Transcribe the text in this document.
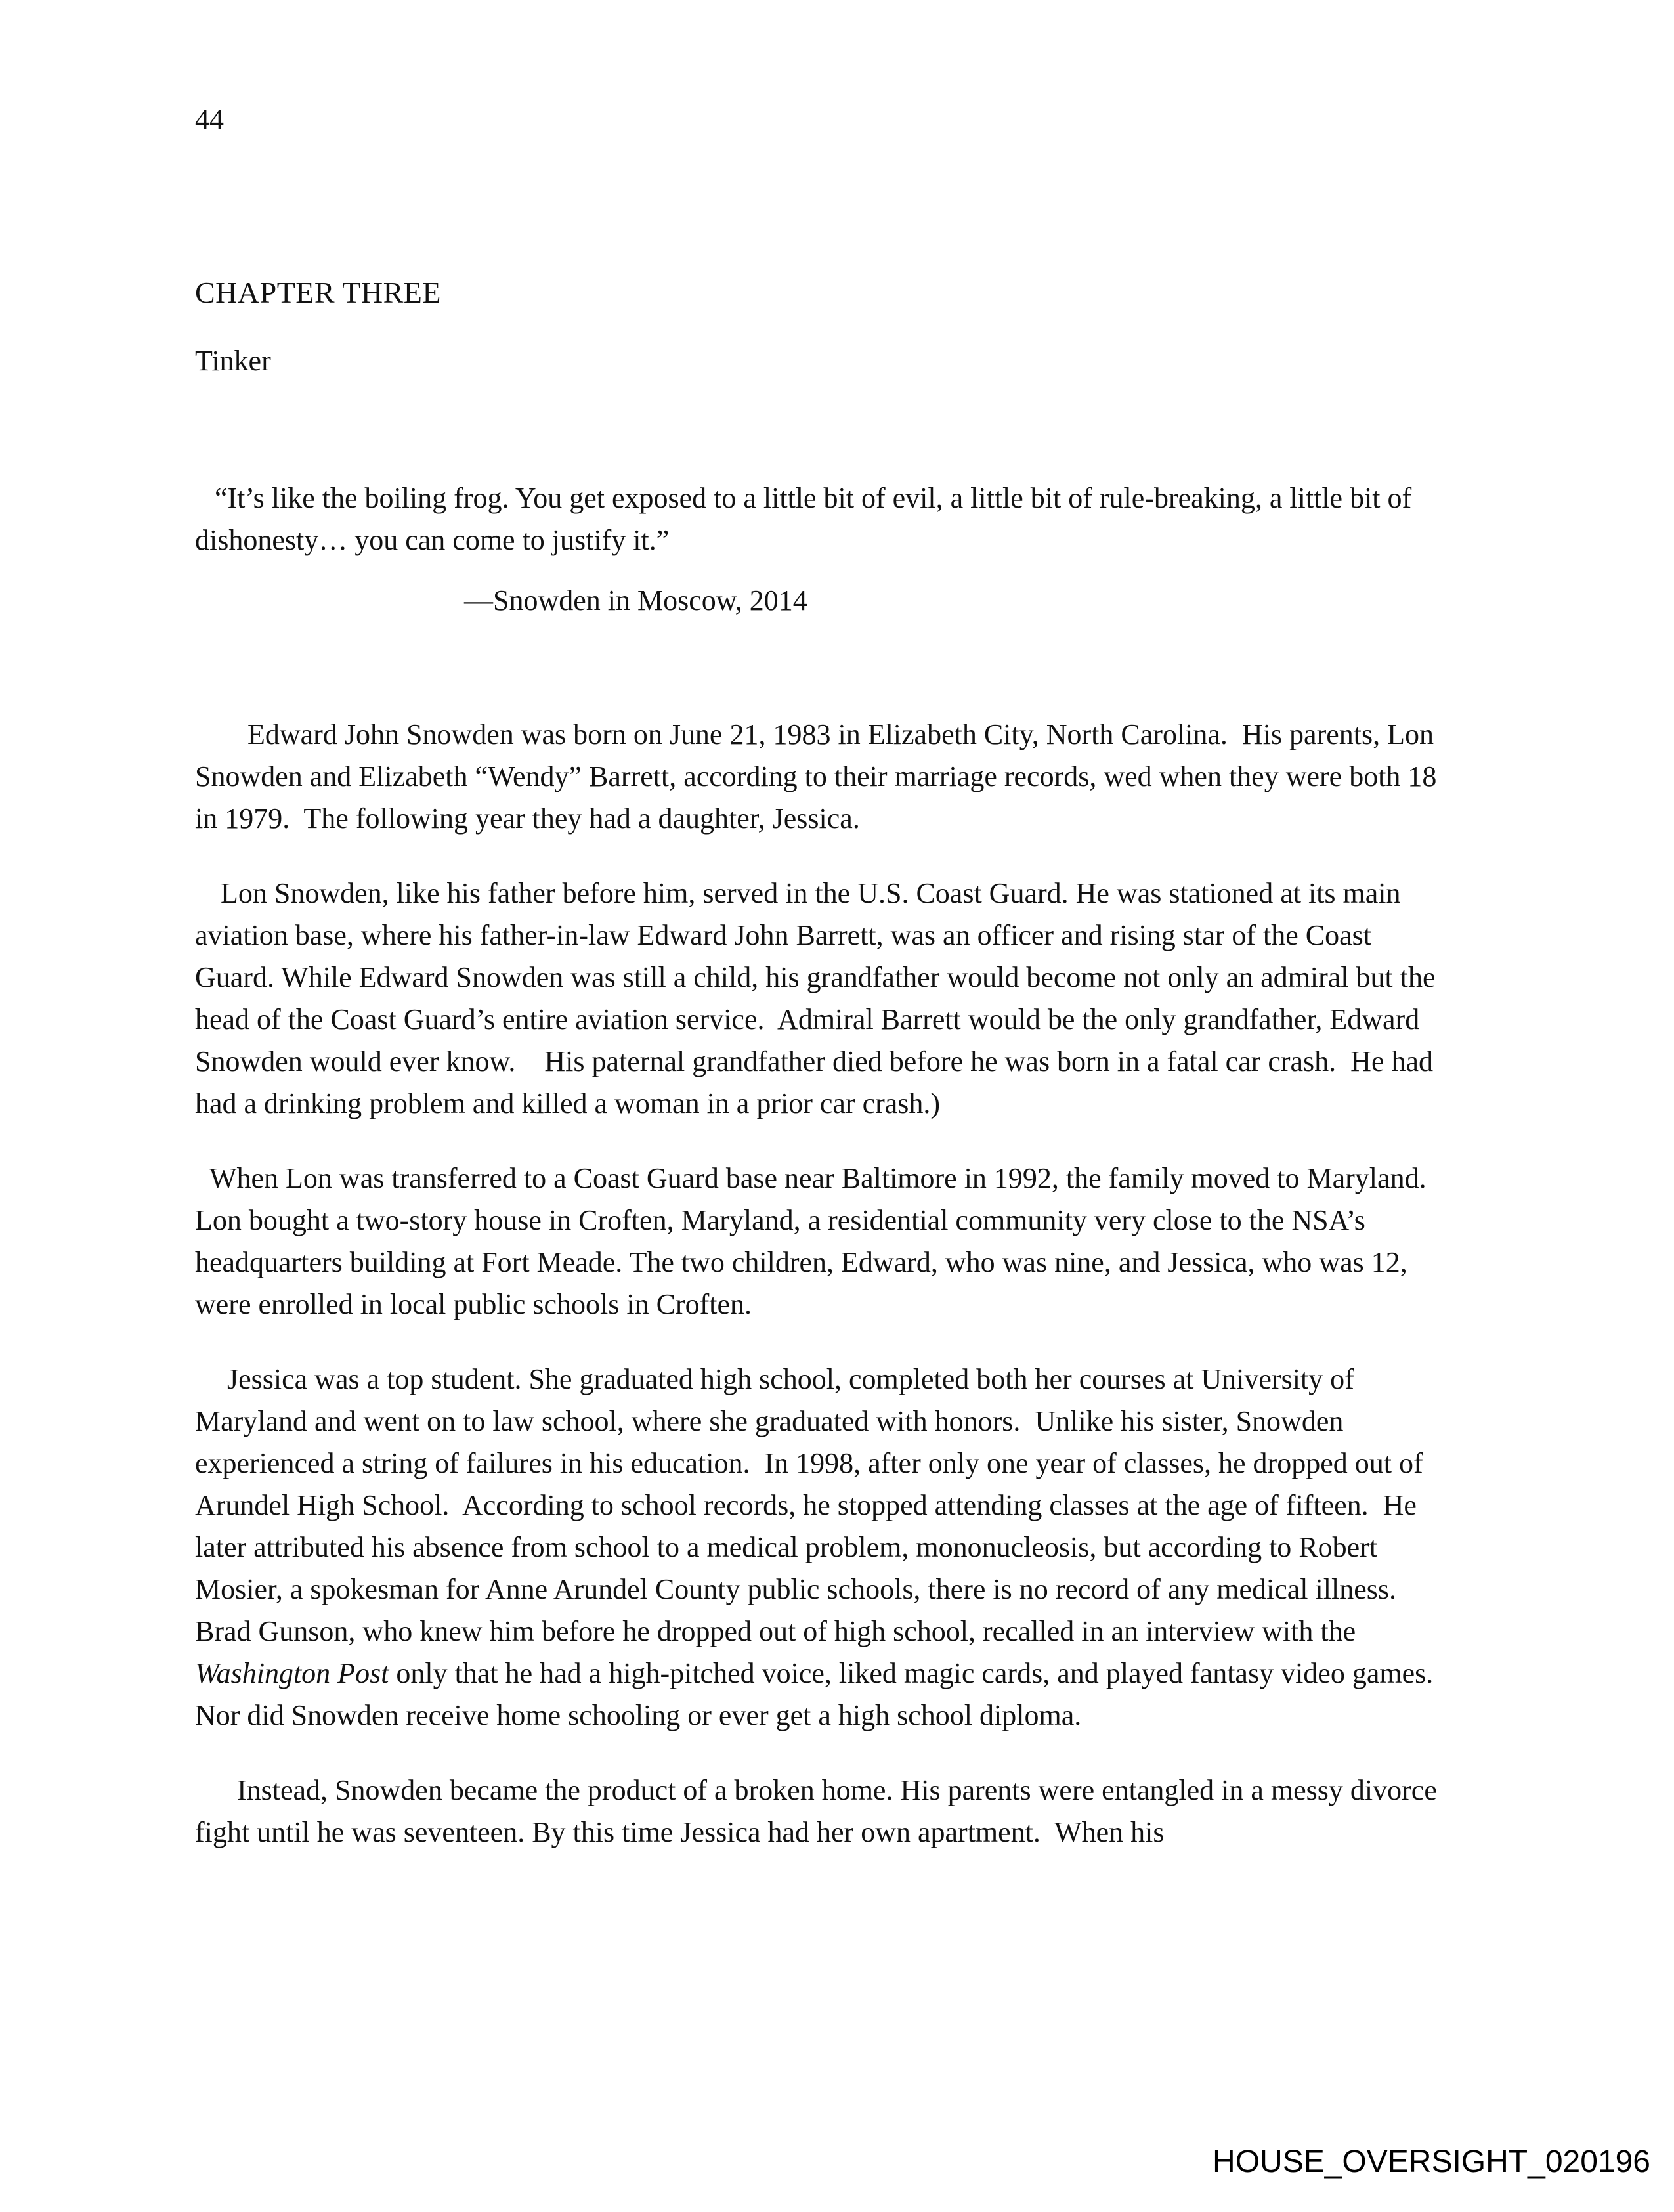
44
CHAPTER THREE
Tinker

“It’s like the boiling frog. You get exposed to a little bit of evil, a little bit of rule-breaking, a little bit of dishonesty… you can come to justify it.”

—Snowden in Moscow, 2014

Edward John Snowden was born on June 21, 1983 in Elizabeth City, North Carolina.  His parents, Lon Snowden and Elizabeth “Wendy” Barrett, according to their marriage records, wed when they were both 18 in 1979.  The following year they had a daughter, Jessica.

Lon Snowden, like his father before him, served in the U.S. Coast Guard. He was stationed at its main aviation base, where his father-in-law Edward John Barrett, was an officer and rising star of the Coast Guard. While Edward Snowden was still a child, his grandfather would become not only an admiral but the head of the Coast Guard’s entire aviation service.  Admiral Barrett would be the only grandfather, Edward Snowden would ever know.    His paternal grandfather died before he was born in a fatal car crash.  He had had a drinking problem and killed a woman in a prior car crash.)

When Lon was transferred to a Coast Guard base near Baltimore in 1992, the family moved to Maryland.  Lon bought a two-story house in Croften, Maryland, a residential community very close to the NSA’s headquarters building at Fort Meade. The two children, Edward, who was nine, and Jessica, who was 12, were enrolled in local public schools in Croften.

Jessica was a top student. She graduated high school, completed both her courses at University of Maryland and went on to law school, where she graduated with honors.  Unlike his sister, Snowden experienced a string of failures in his education.  In 1998, after only one year of classes, he dropped out of Arundel High School.  According to school records, he stopped attending classes at the age of fifteen.  He later attributed his absence from school to a medical problem, mononucleosis, but according to Robert Mosier, a spokesman for Anne Arundel County public schools, there is no record of any medical illness. Brad Gunson, who knew him before he dropped out of high school, recalled in an interview with the Washington Post only that he had a high-pitched voice, liked magic cards, and played fantasy video games.  Nor did Snowden receive home schooling or ever get a high school diploma.

Instead, Snowden became the product of a broken home. His parents were entangled in a messy divorce fight until he was seventeen. By this time Jessica had her own apartment.  When his

HOUSE_OVERSIGHT_020196
